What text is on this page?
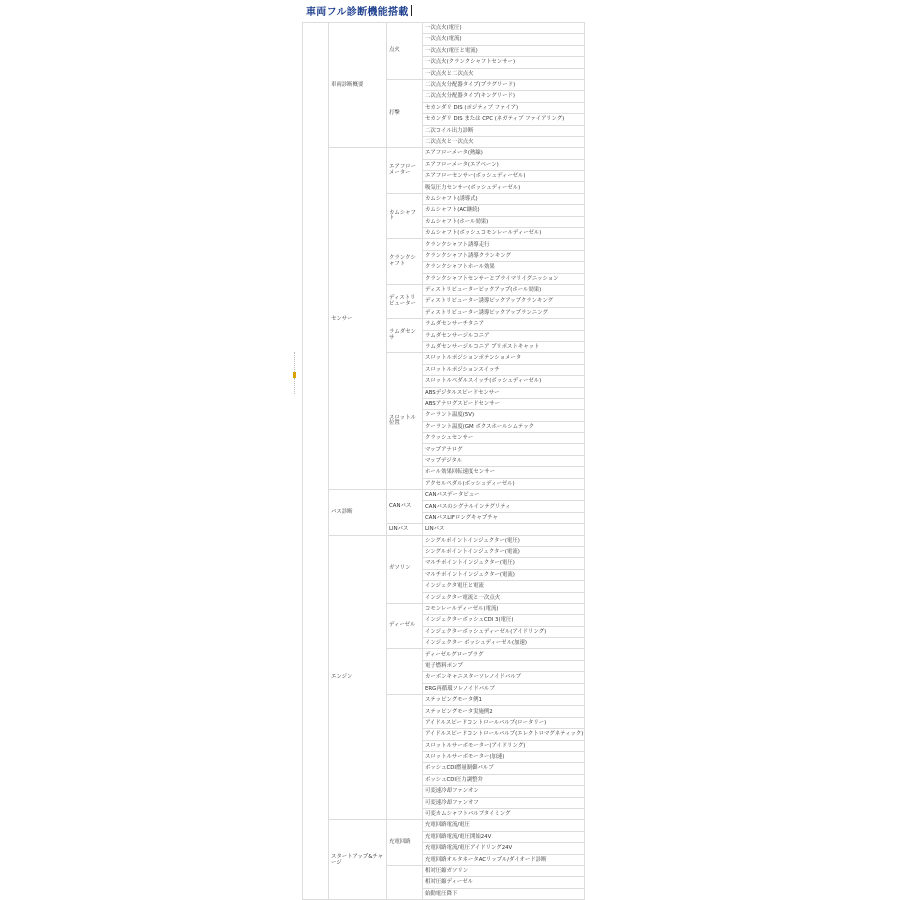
車両フル診断機能搭載
	車両診断概要	点火	一次点火(電圧)
			一次点火(電流)
			一次点火(電圧と電流)
			一次点火(クランクシャフトセンサー)
			一次点火と二次点火
		打撃	二次点火分配器タイプ(プラグリード)
			二次点火分配器タイプ(キングリード)
			セカンダリ DIS (ポジティブ ファイア)
			セカンダリ DIS または CPC (ネガティブ ファイアリング)
			二次コイル出力診断
			二次点火と一次点火
	センサー	エアフローメーター	エアフローメータ(熱線)
			エアフローメータ(エアベーン)
			エアフローセンサー(ボッシュディーゼル)
			吸気圧力センサー(ボッシュディーゼル)
		カムシャフト	カムシャフト(誘導式)
			カムシャフト(AC継続)
			カムシャフト(ホール効果)
			カムシャフト(ボッシュコモンレールディーゼル)
		クランクシャフト	クランクシャフト誘導走行
			クランクシャフト誘導クランキング
			クランクシャフトホール効果
			クランクシャフトセンサーとプライマリイグニッション
		ディストリビューター	ディストリビューターピックアップ(ホール効果)
			ディストリビューター誘導ピックアップクランキング
			ディストリビューター誘導ピックアップランニング
		ラムダセンサ	ラムダセンサーチタニア
			ラムダセンサージルコニア
			ラムダセンサージルコニア プリポストキャット
		スロットル位置	スロットルポジションポテンショメータ
			スロットルポジションスイッチ
			スロットルペダルスイッチ(ボッシュディーゼル)
			ABSデジタルスピードセンサー
			ABSアナログスピードセンサー
			クーラント温度(5V)
			クーラント温度(GM ボクスホールシムテック
			クラッシュセンサー
			マップアナログ
			マップデジタル
			ホール効果回転速度センサー
			アクセルペダル(ボッシュディーゼル)
	バス診断	CANバス	CANバスデータビュー
			CANバスのシグナルインテグリティ
			CANバスLIFロングキャプチャ
		LINバス	LINバス
	エンジン	ガソリン	シングルポイントインジェクター(電圧)
			シングルポイントインジェクター(電流)
			マルチポイントインジェクター(電圧)
			マルチポイントインジェクター(電流)
			インジェクタ電圧と電流
			インジェクター電流と一次点火
		ディーゼル	コモンレールディーゼル(電流)
			インジェクターボッシュCDI 3(電圧)
			インジェクターボッシュディーゼル(アイドリング)
			インジェクター ボッシュディーゼル(加速)
			ディーゼルグロープラグ
			電子燃料ポンプ
			カーボンキャニスターソレノイドバルブ
			ERG再循環ソレノイドバルブ
			ステッピングモータ例1
			ステッピングモータ実施例2
			アイドルスピードコントロールバルブ(ロータリー)
			アイドルスピードコントロールバルブ(エレクトロマグネティック)
			スロットルサーボモーター(アイドリング)
			スロットルサーボモーター(加速)
			ボッシュCDI燃量制御バルブ
			ボッシュCDI圧力調整弁
			可変速冷却ファンオン
			可変速冷却ファンオフ
			可変カムシャフトバルブタイミング
	スタートアップ&チャージ	充電回路	充電回路電流/電圧
			充電回路電流/電圧開始24V
			充電回路電流/電圧アイドリング24V
			充電回路オルタネータACリップル/ダイオード診断
			相対圧縮ガソリン
			相対圧縮ディーゼル
			始動電圧降下
